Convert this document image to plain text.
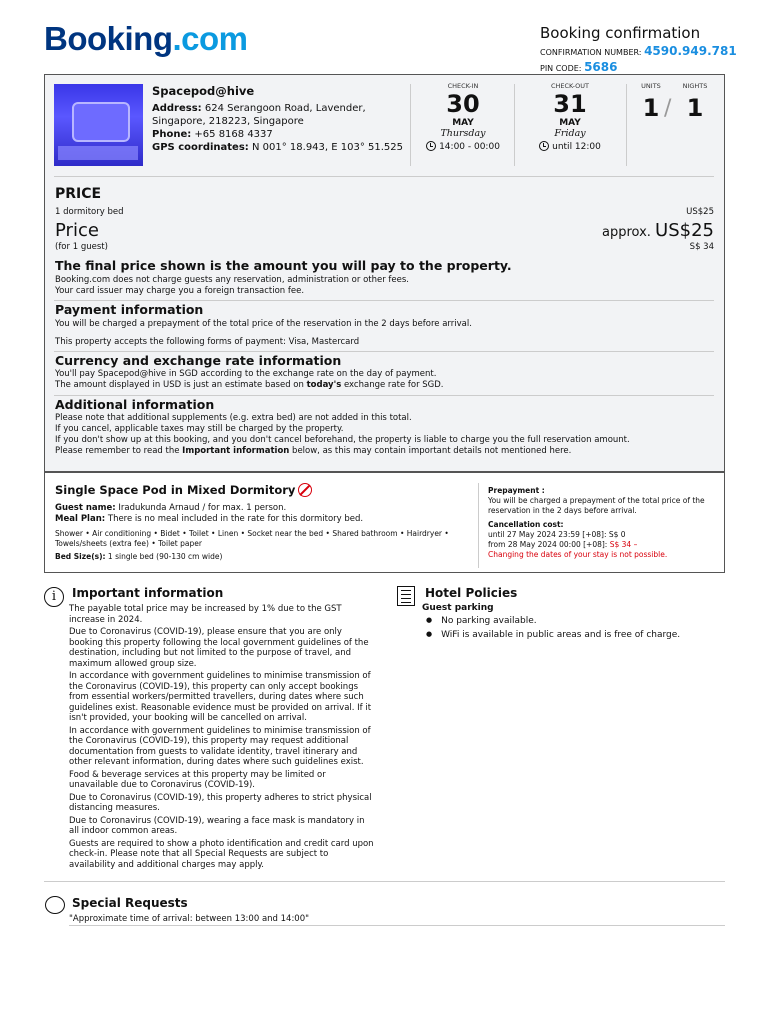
Booking.com	Booking confirmation
CONFIRMATION NUMBER: 4590.949.781
PIN CODE: 5686
Spacepod@hive
Address: 624 Serangoon Road, Lavender, Singapore, 218223, Singapore
Phone: +65 8168 4337
GPS coordinates: N 001° 18.943, E 103° 51.525
CHECK-IN
30
MAY
Thursday
14:00 - 00:00
CHECK-OUT
31
MAY
Friday
until 12:00
UNITS	NIGHTS
1 / 1
PRICE
1 dormitory bed	US$25
Price	approx. US$25
(for 1 guest)	S$ 34
The final price shown is the amount you will pay to the property.
Booking.com does not charge guests any reservation, administration or other fees.
Your card issuer may charge you a foreign transaction fee.
Payment information
You will be charged a prepayment of the total price of the reservation in the 2 days before arrival.
This property accepts the following forms of payment: Visa, Mastercard
Currency and exchange rate information
You'll pay Spacepod@hive in SGD according to the exchange rate on the day of payment.
The amount displayed in USD is just an estimate based on today's exchange rate for SGD.
Additional information
Please note that additional supplements (e.g. extra bed) are not added in this total.
If you cancel, applicable taxes may still be charged by the property.
If you don't show up at this booking, and you don't cancel beforehand, the property is liable to charge you the full reservation amount.
Please remember to read the Important information below, as this may contain important details not mentioned here.
Single Space Pod in Mixed Dormitory
Guest name: Iradukunda Arnaud / for max. 1 person.
Meal Plan: There is no meal included in the rate for this dormitory bed.
Shower • Air conditioning • Bidet • Toilet • Linen • Socket near the bed • Shared bathroom • Hairdryer • Towels/sheets (extra fee) • Toilet paper
Bed Size(s): 1 single bed (90-130 cm wide)
Prepayment :
You will be charged a prepayment of the total price of the reservation in the 2 days before arrival.
Cancellation cost:
until 27 May 2024 23:59 [+08]: S$ 0
from 28 May 2024 00:00 [+08]: S$ 34 –
Changing the dates of your stay is not possible.
i	Important information

The payable total price may be increased by 1% due to the GST increase in 2024.

Due to Coronavirus (COVID-19), please ensure that you are only booking this property following the local government guidelines of the destination, including but not limited to the purpose of travel, and maximum allowed group size.

In accordance with government guidelines to minimise transmission of the Coronavirus (COVID-19), this property can only accept bookings from essential workers/permitted travellers, during dates where such guidelines exist. Reasonable evidence must be provided on arrival. If it isn't provided, your booking will be cancelled on arrival.

In accordance with government guidelines to minimise transmission of the Coronavirus (COVID-19), this property may request additional documentation from guests to validate identity, travel itinerary and other relevant information, during dates where such guidelines exist.

Food & beverage services at this property may be limited or unavailable due to Coronavirus (COVID-19).

Due to Coronavirus (COVID-19), this property adheres to strict physical distancing measures.

Due to Coronavirus (COVID-19), wearing a face mask is mandatory in all indoor common areas.

Guests are required to show a photo identification and credit card upon check-in. Please note that all Special Requests are subject to availability and additional charges may apply.

Hotel Policies
Guest parking
● No parking available.
● WiFi is available in public areas and is free of charge.
Special Requests
"Approximate time of arrival: between 13:00 and 14:00"
